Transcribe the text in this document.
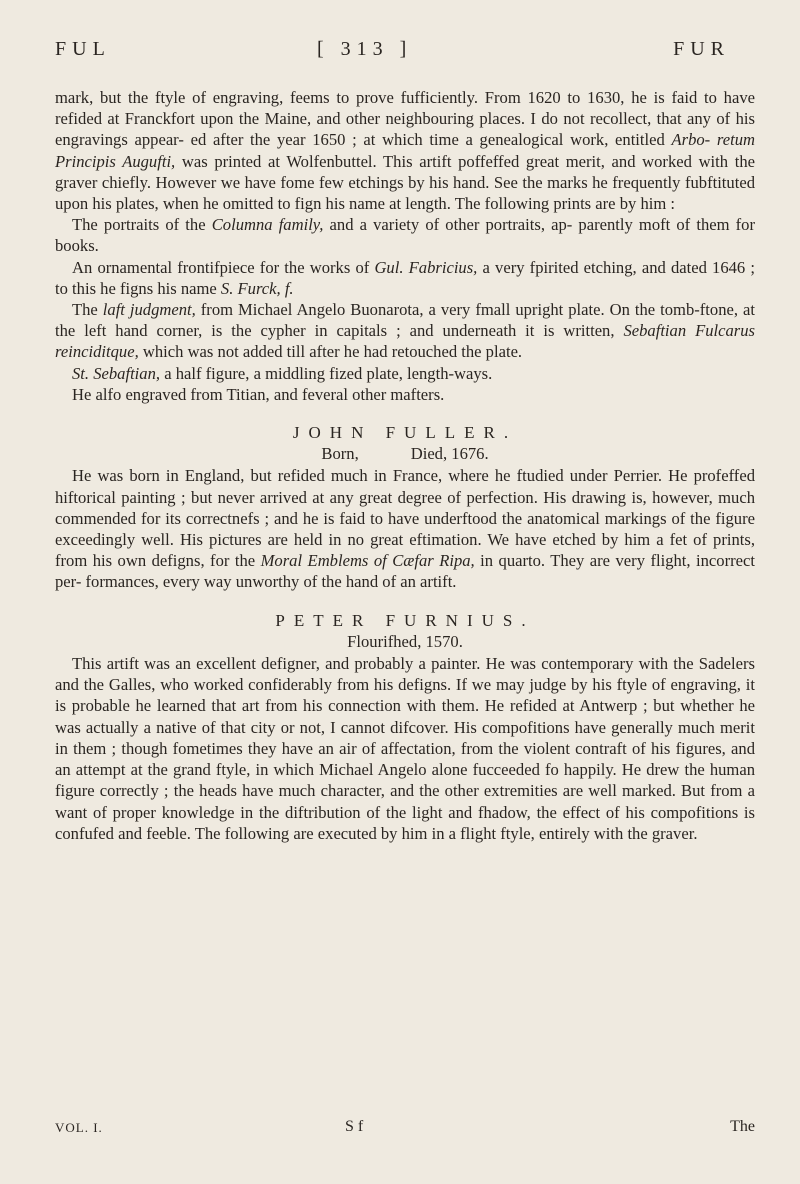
FUL	[ 313 ]	FUR

mark, but the ftyle of engraving, feems to prove fufficiently. From 1620 to 1630, he is faid to have refided at Franckfort upon the Maine, and other neighbouring places. I do not recollect, that any of his engravings appear- ed after the year 1650 ; at which time a genealogical work, entitled Arbo- retum Principis Augufti, was printed at Wolfenbuttel. This artift poffeffed great merit, and worked with the graver chiefly. However we have fome few etchings by his hand. See the marks he frequently fubftituted upon his plates, when he omitted to fign his name at length. The following prints are by him :

The portraits of the Columna family, and a variety of other portraits, ap- parently moft of them for books.

An ornamental frontifpiece for the works of Gul. Fabricius, a very fpirited etching, and dated 1646 ; to this he figns his name S. Furck, f.

The laft judgment, from Michael Angelo Buonarota, a very fmall upright plate. On the tomb-ftone, at the left hand corner, is the cypher in capitals ; and underneath it is written, Sebaftian Fulcarus reinciditque, which was not added till after he had retouched the plate.

St. Sebaftian, a half figure, a middling fized plate, length-ways.

He alfo engraved from Titian, and feveral other mafters.

JOHN FULLER.

Born,	Died, 1676.

He was born in England, but refided much in France, where he ftudied under Perrier. He profeffed hiftorical painting ; but never arrived at any great degree of perfection. His drawing is, however, much commended for its correctnefs ; and he is faid to have underftood the anatomical markings of the figure exceedingly well. His pictures are held in no great eftimation. We have etched by him a fet of prints, from his own defigns, for the Moral Emblems of Cæfar Ripa, in quarto. They are very flight, incorrect per- formances, every way unworthy of the hand of an artift.

PETER FURNIUS.

Flourifhed, 1570.

This artift was an excellent defigner, and probably a painter. He was contemporary with the Sadelers and the Galles, who worked confiderably from his defigns. If we may judge by his ftyle of engraving, it is probable he learned that art from his connection with them. He refided at Antwerp ; but whether he was actually a native of that city or not, I cannot difcover. His compofitions have generally much merit in them ; though fometimes they have an air of affectation, from the violent contraft of his figures, and an attempt at the grand ftyle, in which Michael Angelo alone fucceeded fo happily. He drew the human figure correctly ; the heads have much character, and the other extremities are well marked. But from a want of proper knowledge in the diftribution of the light and fhadow, the effect of his compofitions is confufed and feeble. The following are executed by him in a flight ftyle, entirely with the graver.

VOL. I.	S f	The
